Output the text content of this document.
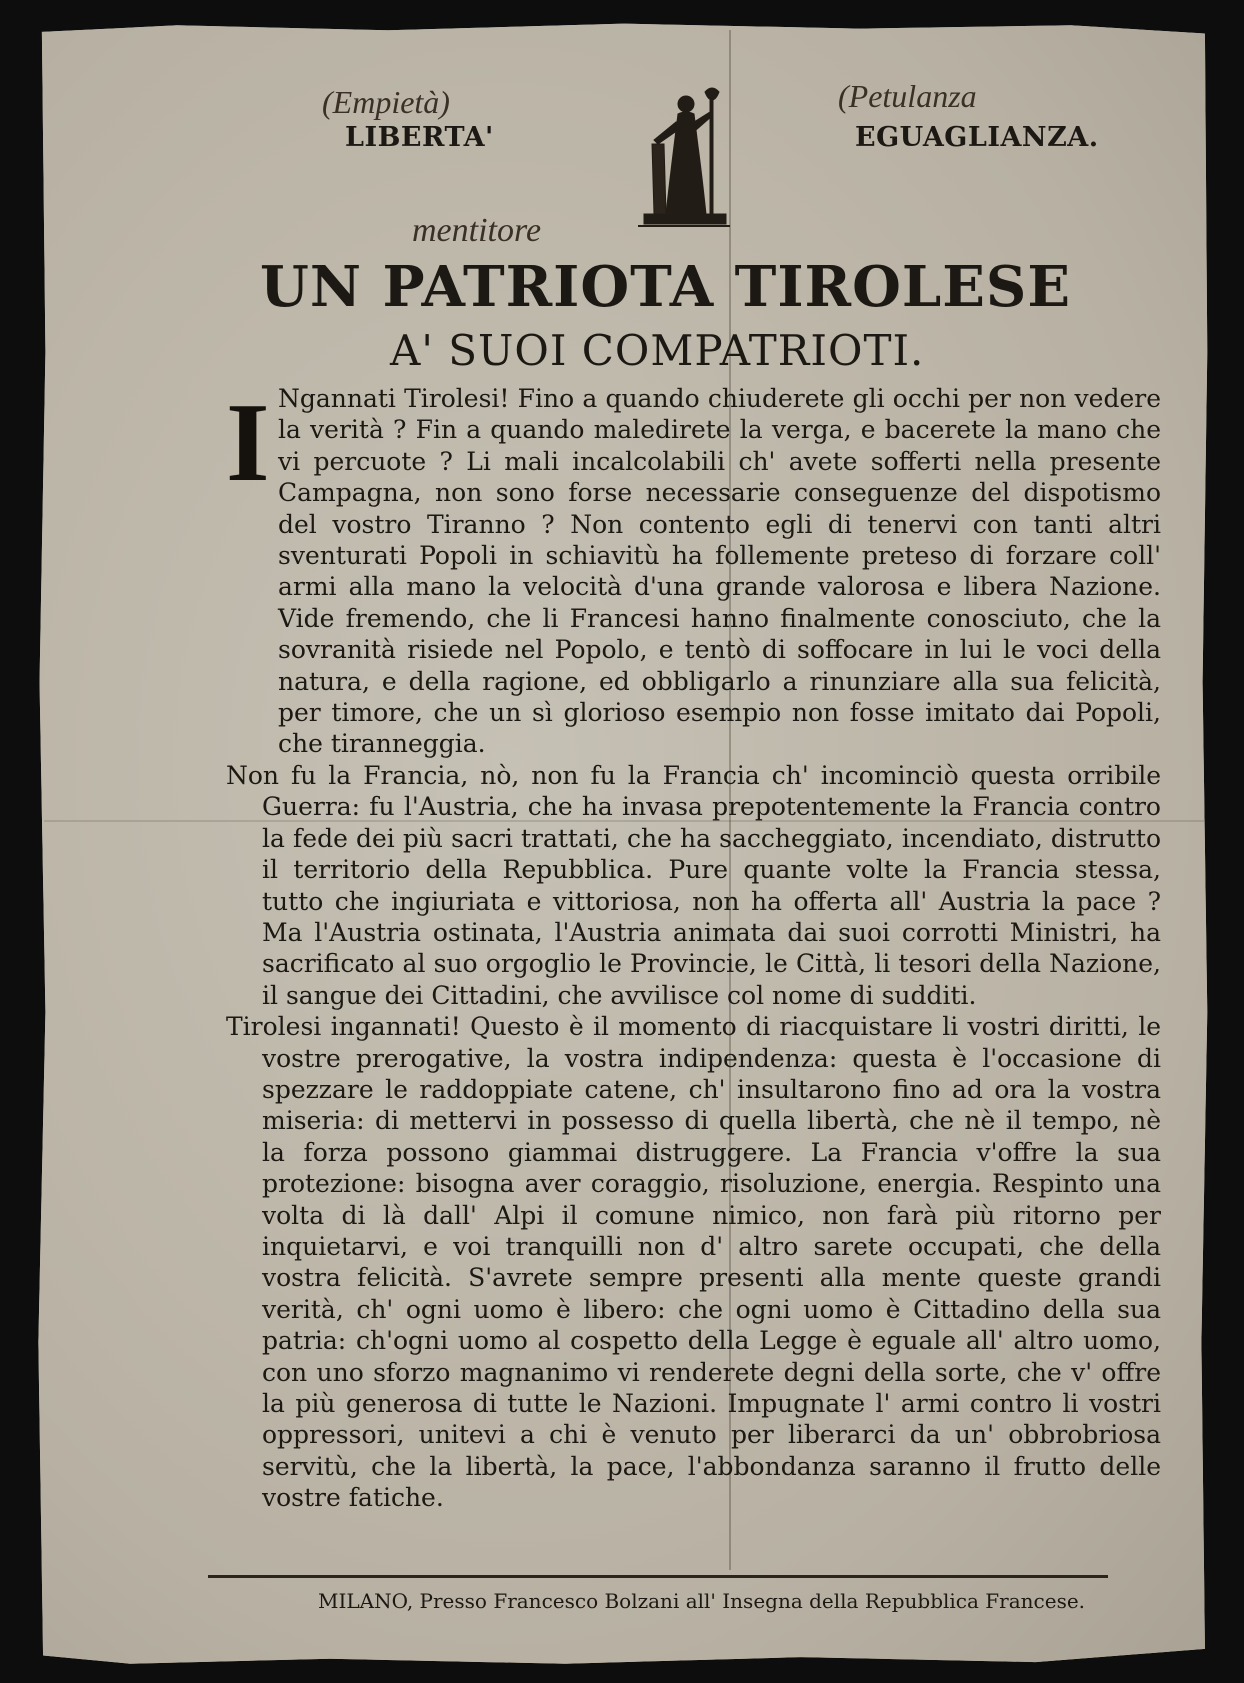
(Empietà)	(Petulanza
mentitore
LIBERTA'	EGUAGLIANZA.
UN PATRIOTA TIROLESE
A' SUOI COMPATRIOTI.
I Ngannati Tirolesi! Fino a quando chiuderete gli occhi per non vedere la verità ? Fin a quando maledirete la verga, e bacerete la mano che vi percuote ? Li mali incalcolabili ch' avete sofferti nella presente Campagna, non sono forse necessarie conseguenze del dispotismo del vostro Tiranno ? Non contento egli di tenervi con tanti altri sventurati Popoli in schiavitù ha follemente preteso di forzare coll' armi alla mano la velocità d'una grande valorosa e libera Nazione. Vide fremendo, che li Francesi hanno finalmente conosciuto, che la sovranità risiede nel Popolo, e tentò di soffocare in lui le voci della natura, e della ragione, ed obbligarlo a rinunziare alla sua felicità, per timore, che un sì glorioso esempio non fosse imitato dai Popoli, che tiranneggia.

Non fu la Francia, nò, non fu la Francia ch' incominciò questa orribile Guerra: fu l'Austria, che ha invasa prepotentemente la Francia contro la fede dei più sacri trattati, che ha saccheggiato, incendiato, distrutto il territorio della Repubblica. Pure quante volte la Francia stessa, tutto che ingiuriata e vittoriosa, non ha offerta all' Austria la pace ? Ma l'Austria ostinata, l'Austria animata dai suoi corrotti Ministri, ha sacrificato al suo orgoglio le Provincie, le Città, li tesori della Nazione, il sangue dei Cittadini, che avvilisce col nome di sudditi.

Tirolesi ingannati! Questo è il momento di riacquistare li vostri diritti, le vostre prerogative, la vostra indipendenza: questa è l'occasione di spezzare le raddoppiate catene, ch' insultarono fino ad ora la vostra miseria: di mettervi in possesso di quella libertà, che nè il tempo, nè la forza possono giammai distruggere. La Francia v'offre la sua protezione: bisogna aver coraggio, risoluzione, energia. Respinto una volta di là dall' Alpi il comune nimico, non farà più ritorno per inquietarvi, e voi tranquilli non d' altro sarete occupati, che della vostra felicità. S'avrete sempre presenti alla mente queste grandi verità, ch' ogni uomo è libero: che ogni uomo è Cittadino della sua patria: ch'ogni uomo al cospetto della Legge è eguale all' altro uomo, con uno sforzo magnanimo vi renderete degni della sorte, che v' offre la più generosa di tutte le Nazioni. Impugnate l' armi contro li vostri oppressori, unitevi a chi è venuto per liberarci da un' obbrobriosa servitù, che la libertà, la pace, l'abbondanza saranno il frutto delle vostre fatiche.

MILANO, Presso Francesco Bolzani all' Insegna della Repubblica Francese.
